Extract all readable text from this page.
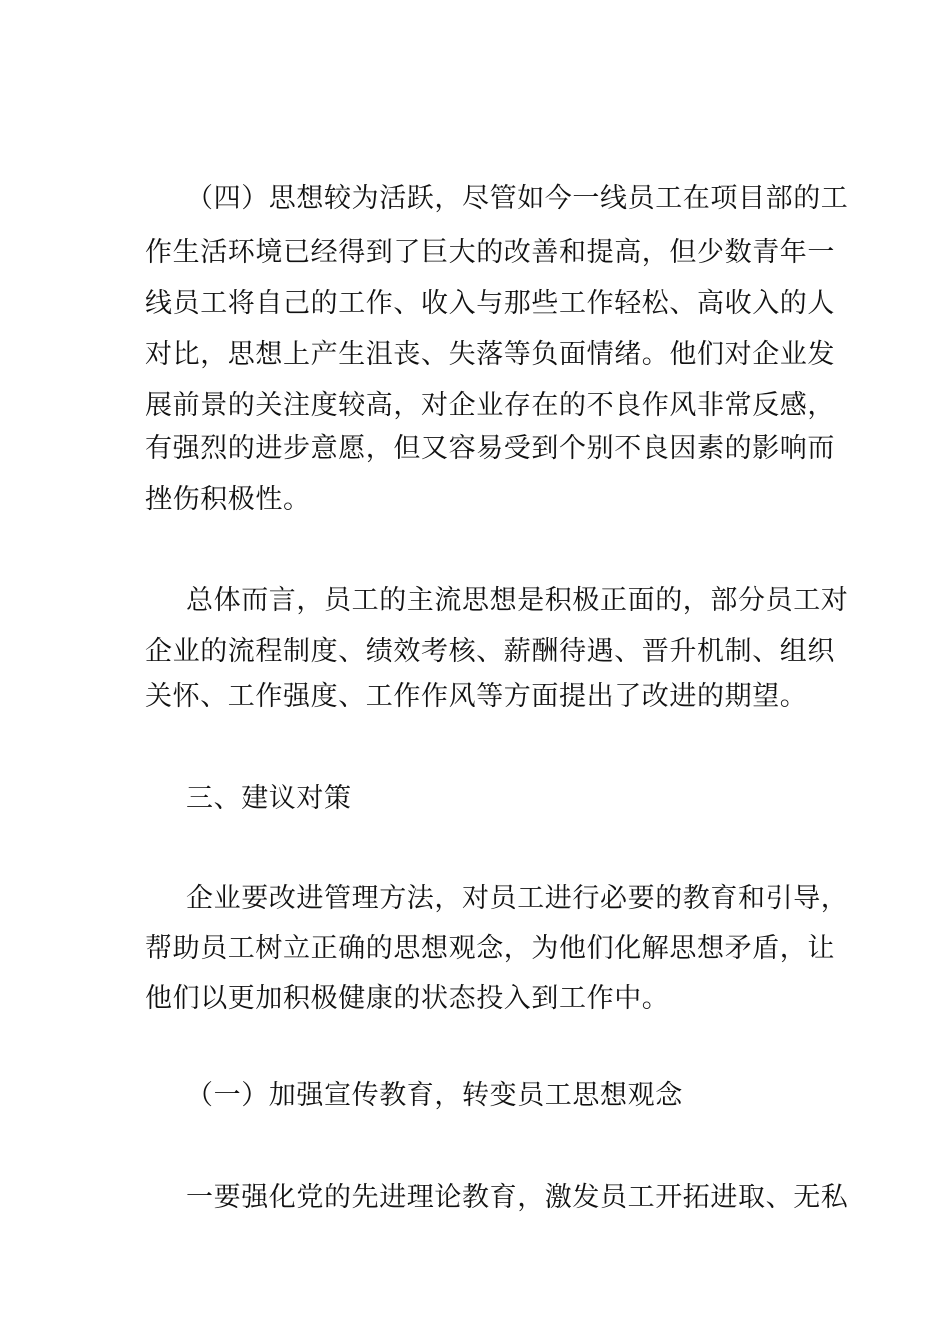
（四）思想较为活跃，尽管如今一线员工在项目部的工
作生活环境已经得到了巨大的改善和提高，但少数青年一
线员工将自己的工作、收入与那些工作轻松、高收入的人
对比，思想上产生沮丧、失落等负面情绪。他们对企业发
展前景的关注度较高，对企业存在的不良作风非常反感，
有强烈的进步意愿，但又容易受到个别不良因素的影响而
挫伤积极性。
总体而言，员工的主流思想是积极正面的，部分员工对
企业的流程制度、绩效考核、薪酬待遇、晋升机制、组织
关怀、工作强度、工作作风等方面提出了改进的期望。
三、建议对策
企业要改进管理方法，对员工进行必要的教育和引导，
帮助员工树立正确的思想观念，为他们化解思想矛盾，让
他们以更加积极健康的状态投入到工作中。
（一）加强宣传教育，转变员工思想观念
一要强化党的先进理论教育，激发员工开拓进取、无私
